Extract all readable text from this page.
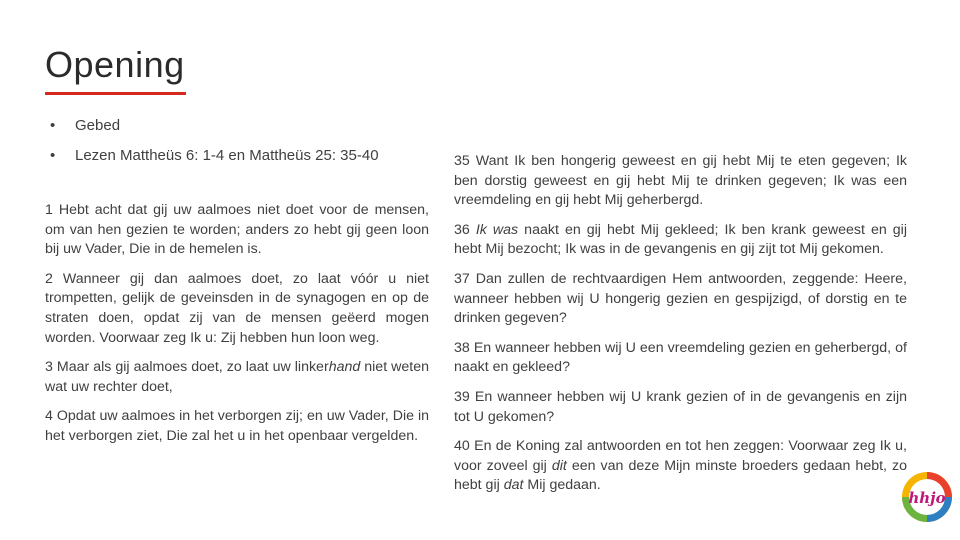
Opening
•	Gebed
•	Lezen Mattheüs 6: 1-4 en Mattheüs 25: 35-40

1 Hebt acht dat gij uw aalmoes niet doet voor de mensen, om van hen gezien te worden; anders zo hebt gij geen loon bij uw Vader, Die in de hemelen is.

2 Wanneer gij dan aalmoes doet, zo laat vóór u niet trompetten, gelijk de geveinsden in de synagogen en op de straten doen, opdat zij van de mensen geëerd mogen worden. Voorwaar zeg Ik u: Zij hebben hun loon weg.

3 Maar als gij aalmoes doet, zo laat uw linkerhand niet weten wat uw rechter doet,

4 Opdat uw aalmoes in het verborgen zij; en uw Vader, Die in het verborgen ziet, Die zal het u in het openbaar vergelden.

35 Want Ik ben hongerig geweest en gij hebt Mij te eten gegeven; Ik ben dorstig geweest en gij hebt Mij te drinken gegeven; Ik was een vreemdeling en gij hebt Mij geherbergd.

36 Ik was naakt en gij hebt Mij gekleed; Ik ben krank geweest en gij hebt Mij bezocht; Ik was in de gevangenis en gij zijt tot Mij gekomen.

37 Dan zullen de rechtvaardigen Hem antwoorden, zeggende: Heere, wanneer hebben wij U hongerig gezien en gespijzigd, of dorstig en te drinken gegeven?

38 En wanneer hebben wij U een vreemdeling gezien en geherbergd, of naakt en gekleed?

39 En wanneer hebben wij U krank gezien of in de gevangenis en zijn tot U gekomen?

40 En de Koning zal antwoorden en tot hen zeggen: Voorwaar zeg Ik u, voor zoveel gij dit een van deze Mijn minste broeders gedaan hebt, zo hebt gij dat Mij gedaan.

hhjo
